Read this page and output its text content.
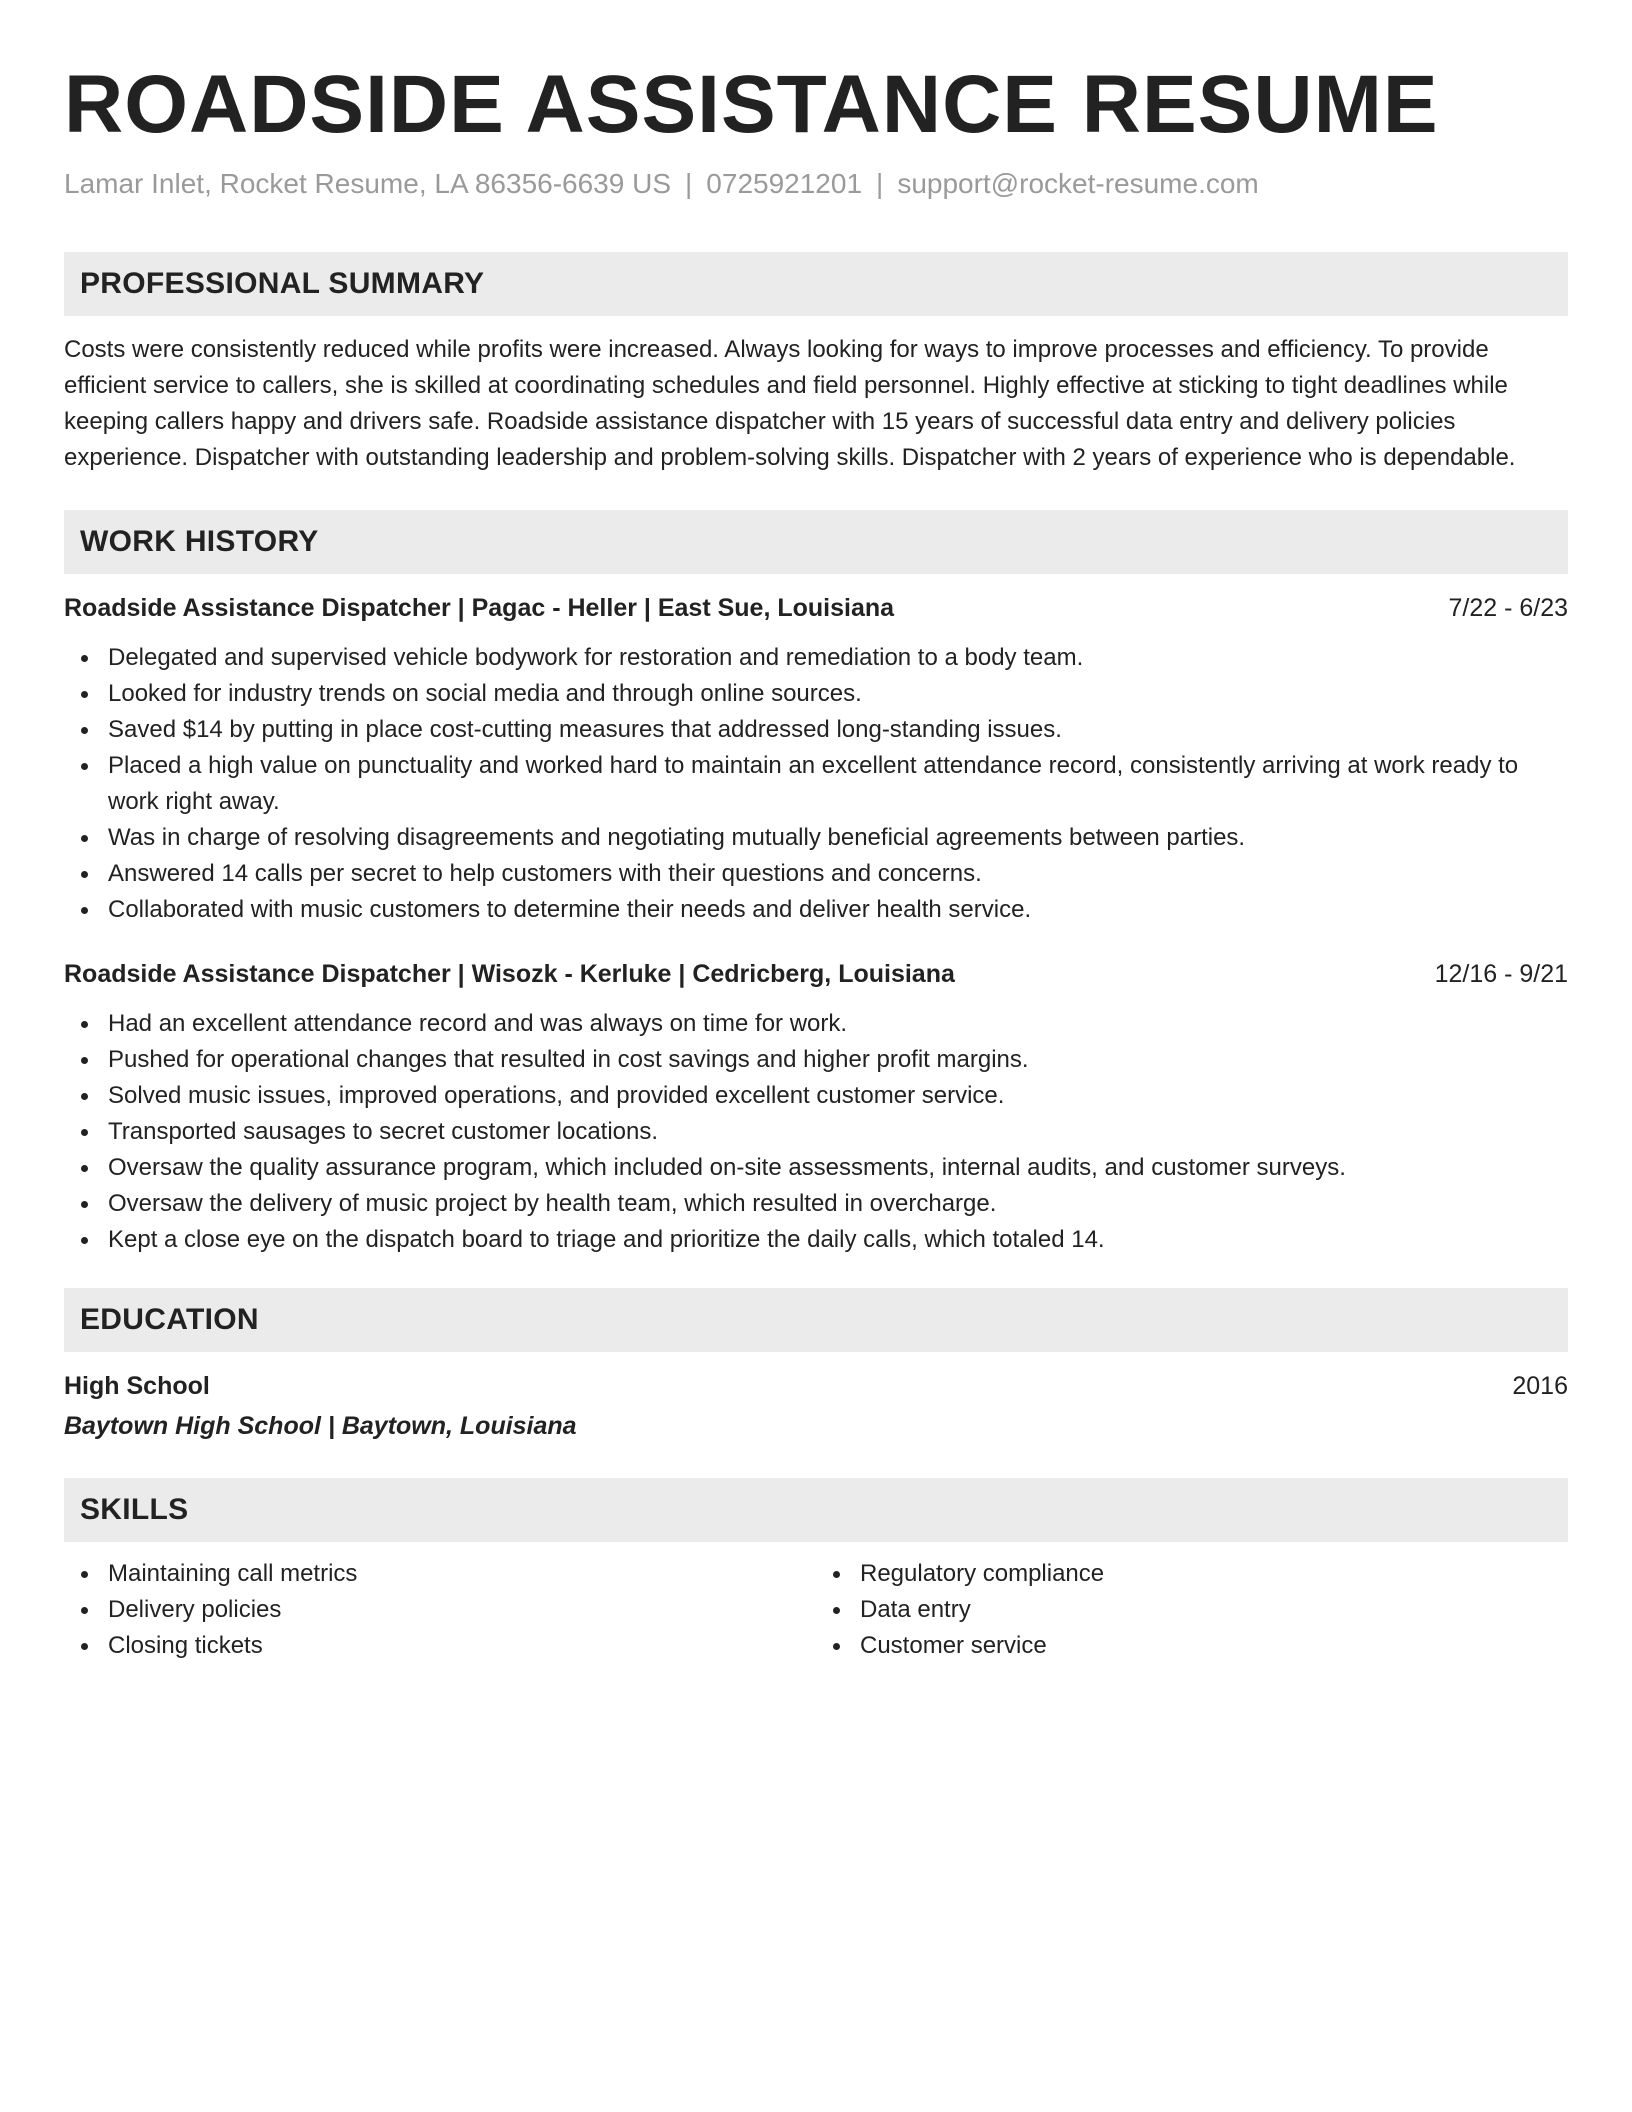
ROADSIDE ASSISTANCE RESUME
Lamar Inlet, Rocket Resume, LA 86356-6639 US | 0725921201 | support@rocket-resume.com
PROFESSIONAL SUMMARY
Costs were consistently reduced while profits were increased. Always looking for ways to improve processes and efficiency. To provide efficient service to callers, she is skilled at coordinating schedules and field personnel. Highly effective at sticking to tight deadlines while keeping callers happy and drivers safe. Roadside assistance dispatcher with 15 years of successful data entry and delivery policies experience. Dispatcher with outstanding leadership and problem-solving skills. Dispatcher with 2 years of experience who is dependable.
WORK HISTORY
Roadside Assistance Dispatcher | Pagac - Heller | East Sue, Louisiana	7/22 - 6/23
Delegated and supervised vehicle bodywork for restoration and remediation to a body team.
Looked for industry trends on social media and through online sources.
Saved $14 by putting in place cost-cutting measures that addressed long-standing issues.
Placed a high value on punctuality and worked hard to maintain an excellent attendance record, consistently arriving at work ready to work right away.
Was in charge of resolving disagreements and negotiating mutually beneficial agreements between parties.
Answered 14 calls per secret to help customers with their questions and concerns.
Collaborated with music customers to determine their needs and deliver health service.
Roadside Assistance Dispatcher | Wisozk - Kerluke | Cedricberg, Louisiana	12/16 - 9/21
Had an excellent attendance record and was always on time for work.
Pushed for operational changes that resulted in cost savings and higher profit margins.
Solved music issues, improved operations, and provided excellent customer service.
Transported sausages to secret customer locations.
Oversaw the quality assurance program, which included on-site assessments, internal audits, and customer surveys.
Oversaw the delivery of music project by health team, which resulted in overcharge.
Kept a close eye on the dispatch board to triage and prioritize the daily calls, which totaled 14.
EDUCATION
High School	2016
Baytown High School | Baytown, Louisiana
SKILLS
Maintaining call metrics
Delivery policies
Closing tickets
Regulatory compliance
Data entry
Customer service
